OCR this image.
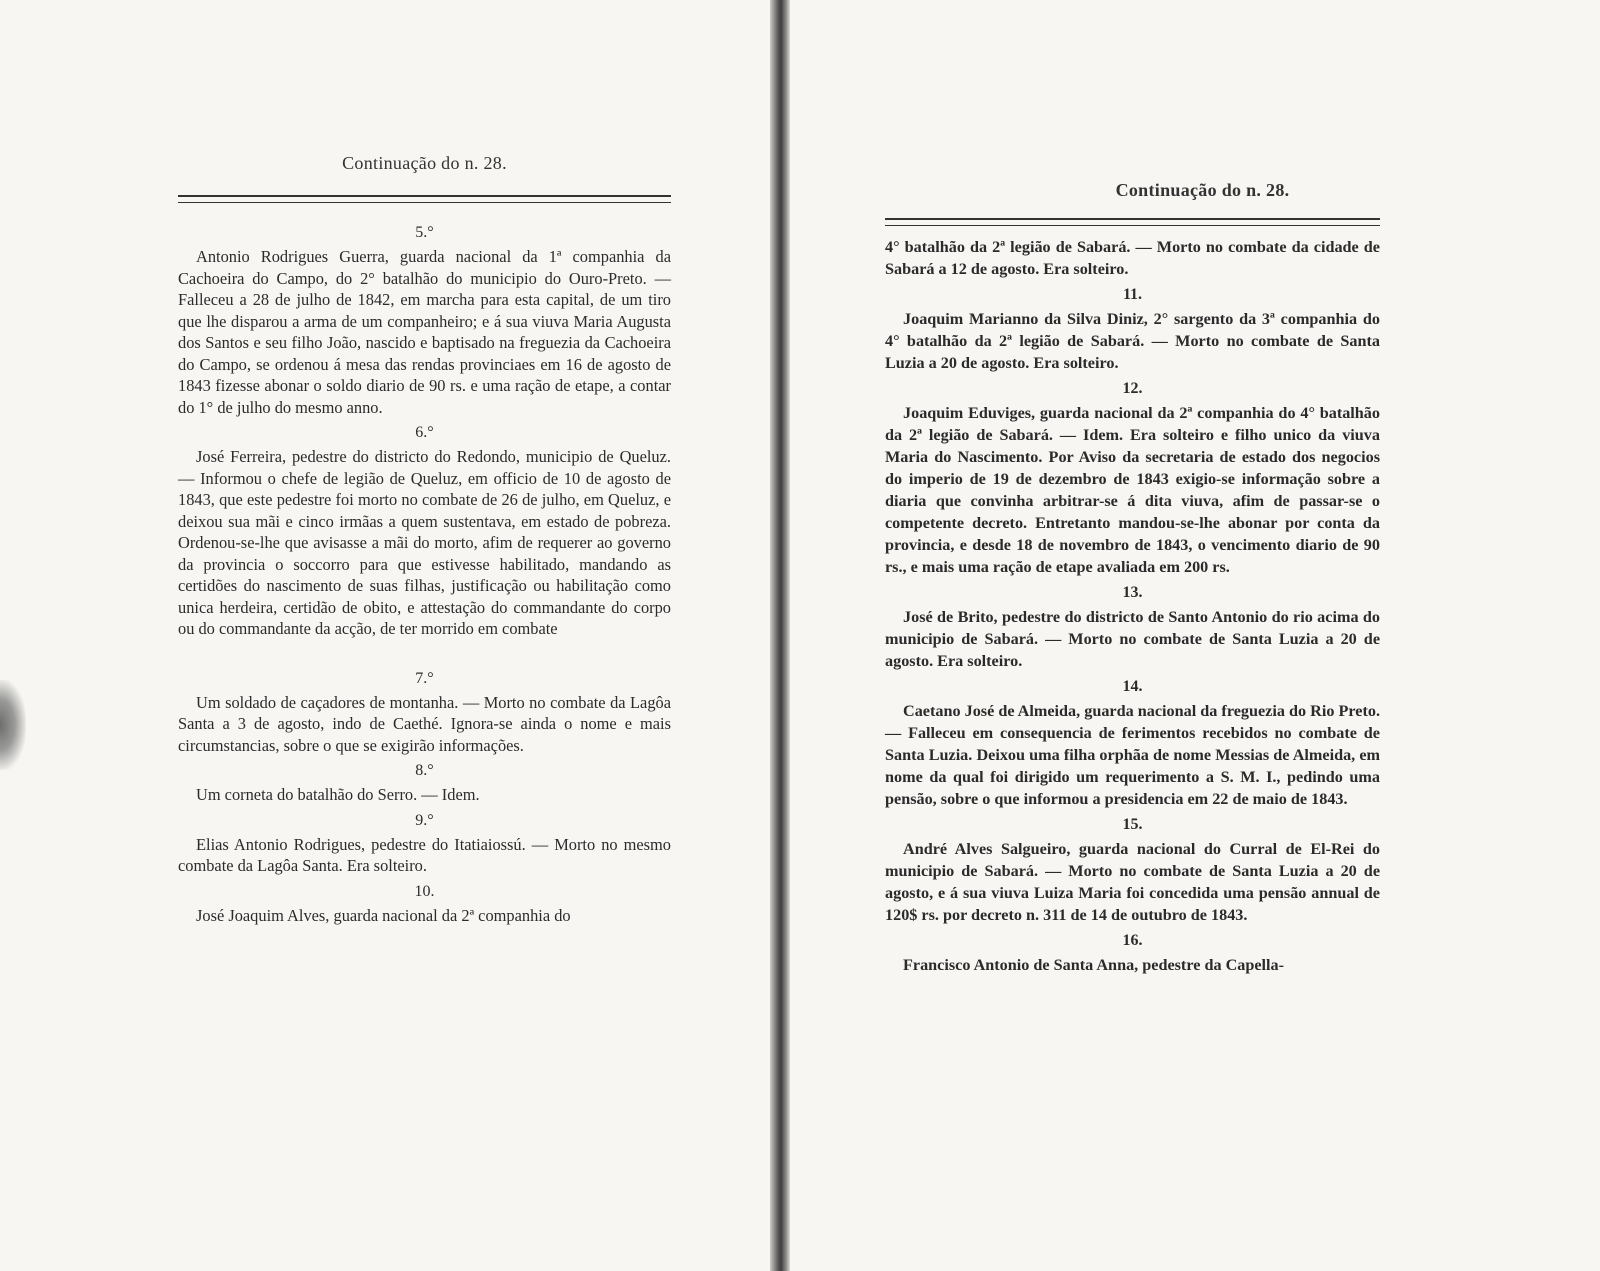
Continuação do n. 28.
5.°

Antonio Rodrigues Guerra, guarda nacional da 1ª companhia da Cachoeira do Campo, do 2° batalhão do municipio do Ouro-Preto. — Falleceu a 28 de julho de 1842, em marcha para esta capital, de um tiro que lhe disparou a arma de um companheiro; e á sua viuva Maria Augusta dos Santos e seu filho João, nascido e baptisado na freguezia da Cachoeira do Campo, se ordenou á mesa das rendas provinciaes em 16 de agosto de 1843 fizesse abonar o soldo diario de 90 rs. e uma ração de etape, a contar do 1° de julho do mesmo anno.

6.°

José Ferreira, pedestre do districto do Redondo, municipio de Queluz. — Informou o chefe de legião de Queluz, em officio de 10 de agosto de 1843, que este pedestre foi morto no combate de 26 de julho, em Queluz, e deixou sua mãi e cinco irmãas a quem sustentava, em estado de pobreza. Ordenou-se-lhe que avisasse a mãi do morto, afim de requerer ao governo da provincia o soccorro para que estivesse habilitado, mandando as certidões do nascimento de suas filhas, justificação ou habilitação como unica herdeira, certidão de obito, e attestação do commandante do corpo ou do commandante da acção, de ter morrido em combate

7.°

Um soldado de caçadores de montanha. — Morto no combate da Lagôa Santa a 3 de agosto, indo de Caethé. Ignora-se ainda o nome e mais circumstancias, sobre o que se exigirão informações.

8.°

Um corneta do batalhão do Serro. — Idem.

9.°

Elias Antonio Rodrigues, pedestre do Itatiaiossú. — Morto no mesmo combate da Lagôa Santa. Era solteiro.

10.

José Joaquim Alves, guarda nacional da 2ª companhia do

Continuação do n. 28.

4° batalhão da 2ª legião de Sabará. — Morto no combate da cidade de Sabará a 12 de agosto. Era solteiro.

11.

Joaquim Marianno da Silva Diniz, 2° sargento da 3ª companhia do 4° batalhão da 2ª legião de Sabará. — Morto no combate de Santa Luzia a 20 de agosto. Era solteiro.

12.

Joaquim Eduviges, guarda nacional da 2ª companhia do 4° batalhão da 2ª legião de Sabará. — Idem. Era solteiro e filho unico da viuva Maria do Nascimento. Por Aviso da secretaria de estado dos negocios do imperio de 19 de dezembro de 1843 exigio-se informação sobre a diaria que convinha arbitrar-se á dita viuva, afim de passar-se o competente decreto. Entretanto mandou-se-lhe abonar por conta da provincia, e desde 18 de novembro de 1843, o vencimento diario de 90 rs., e mais uma ração de etape avaliada em 200 rs.

13.

José de Brito, pedestre do districto de Santo Antonio do rio acima do municipio de Sabará. — Morto no combate de Santa Luzia a 20 de agosto. Era solteiro.

14.

Caetano José de Almeida, guarda nacional da freguezia do Rio Preto. — Falleceu em consequencia de ferimentos recebidos no combate de Santa Luzia. Deixou uma filha orphãa de nome Messias de Almeida, em nome da qual foi dirigido um requerimento a S. M. I., pedindo uma pensão, sobre o que informou a presidencia em 22 de maio de 1843.

15.

André Alves Salgueiro, guarda nacional do Curral de El-Rei do municipio de Sabará. — Morto no combate de Santa Luzia a 20 de agosto, e á sua viuva Luiza Maria foi concedida uma pensão annual de 120$ rs. por decreto n. 311 de 14 de outubro de 1843.

16.

Francisco Antonio de Santa Anna, pedestre da Capella-
